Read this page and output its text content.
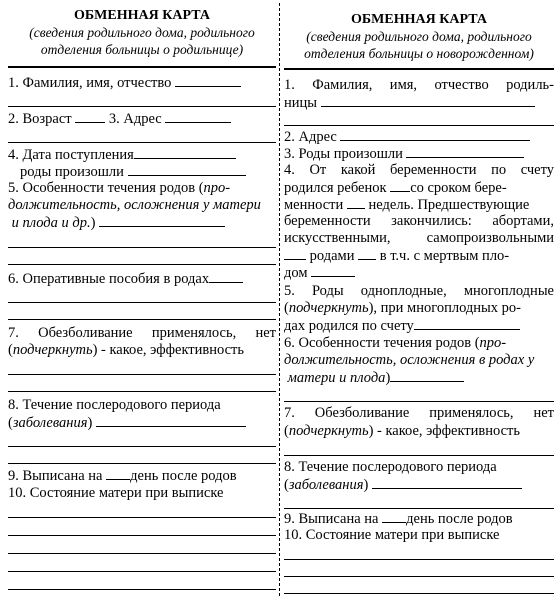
ОБМЕННАЯ КАРТА
(сведения родильного дома, родильного
отделения больницы о родильнице)
1. Фамилия, имя, отчество
2. Возраст	3. Адрес
4. Дата поступления
роды произошли
5. Особенности течения родов (про-
должительность, осложнения у матери
и плода и др.)
6. Оперативные пособия в родах
7. Обезболивание применялось, нет
(подчеркнуть) - какое, эффективность
8. Течение послеродового периода
(заболевания)
9. Выписана на день после родов
10. Состояние матери при выписке
ОБМЕННАЯ КАРТА
(сведения родильного дома, родильного
отделения больницы о новорожденном)
1. Фамилия, имя, отчество родиль-
ницы
2. Адрес
3. Роды произошли
4. От какой беременности по счету
родился ребенок со сроком бере-
менности недель. Предшествующие
беременности закончились: абортами,
искусственными, самопроизвольными
родами в т.ч. с мертвым пло-
дом
5. Роды одноплодные, многоплодные
(подчеркнуть), при многоплодных ро-
дах родился по счету
6. Особенности течения родов (про-
должительность, осложнения в родах у
матери и плода)
7. Обезболивание применялось, нет
(подчеркнуть) - какое, эффективность
8. Течение послеродового периода
(заболевания)
9. Выписана на день после родов
10. Состояние матери при выписке
